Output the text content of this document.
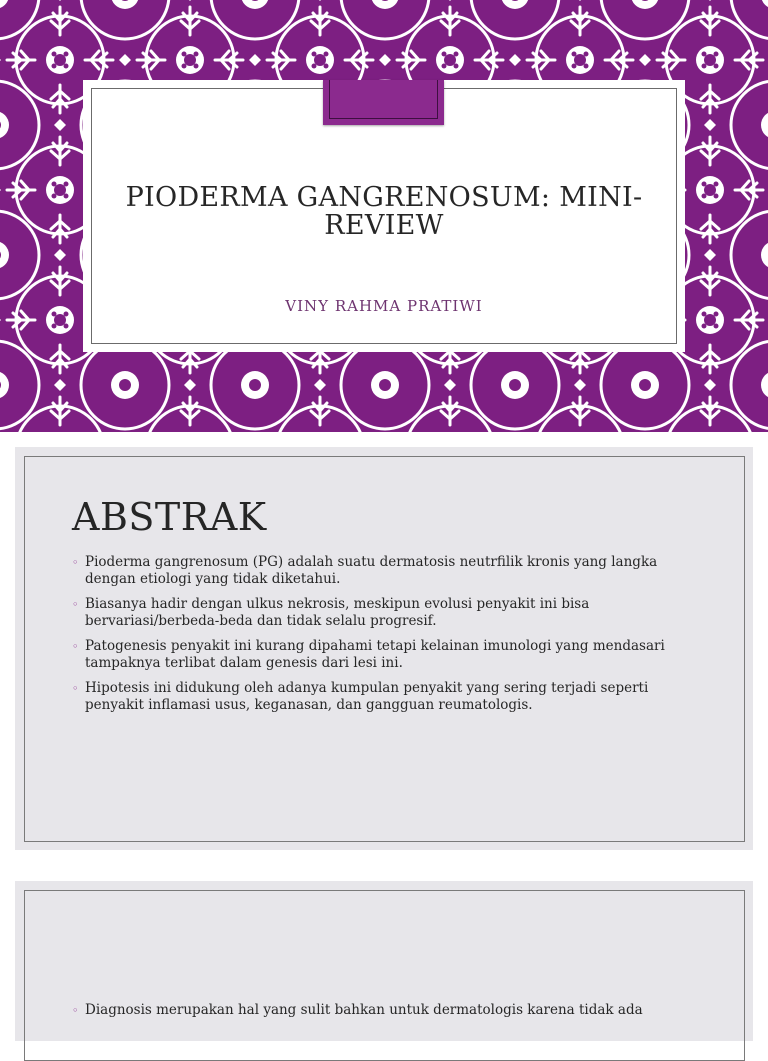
PIODERMA GANGRENOSUM: MINI-REVIEW
VINY RAHMA PRATIWI
ABSTRAK
◦ Pioderma gangrenosum (PG) adalah suatu dermatosis neutrfilik kronis yang langka dengan etiologi yang tidak diketahui.
◦ Biasanya hadir dengan ulkus nekrosis, meskipun evolusi penyakit ini bisa bervariasi/berbeda-beda dan tidak selalu progresif.
◦ Patogenesis penyakit ini kurang dipahami tetapi kelainan imunologi yang mendasari tampaknya terlibat dalam genesis dari lesi ini.
◦ Hipotesis ini didukung oleh adanya kumpulan penyakit yang sering terjadi seperti penyakit inflamasi usus, keganasan, dan gangguan reumatologis.
◦ Diagnosis merupakan hal yang sulit bahkan untuk dermatologis karena tidak ada
